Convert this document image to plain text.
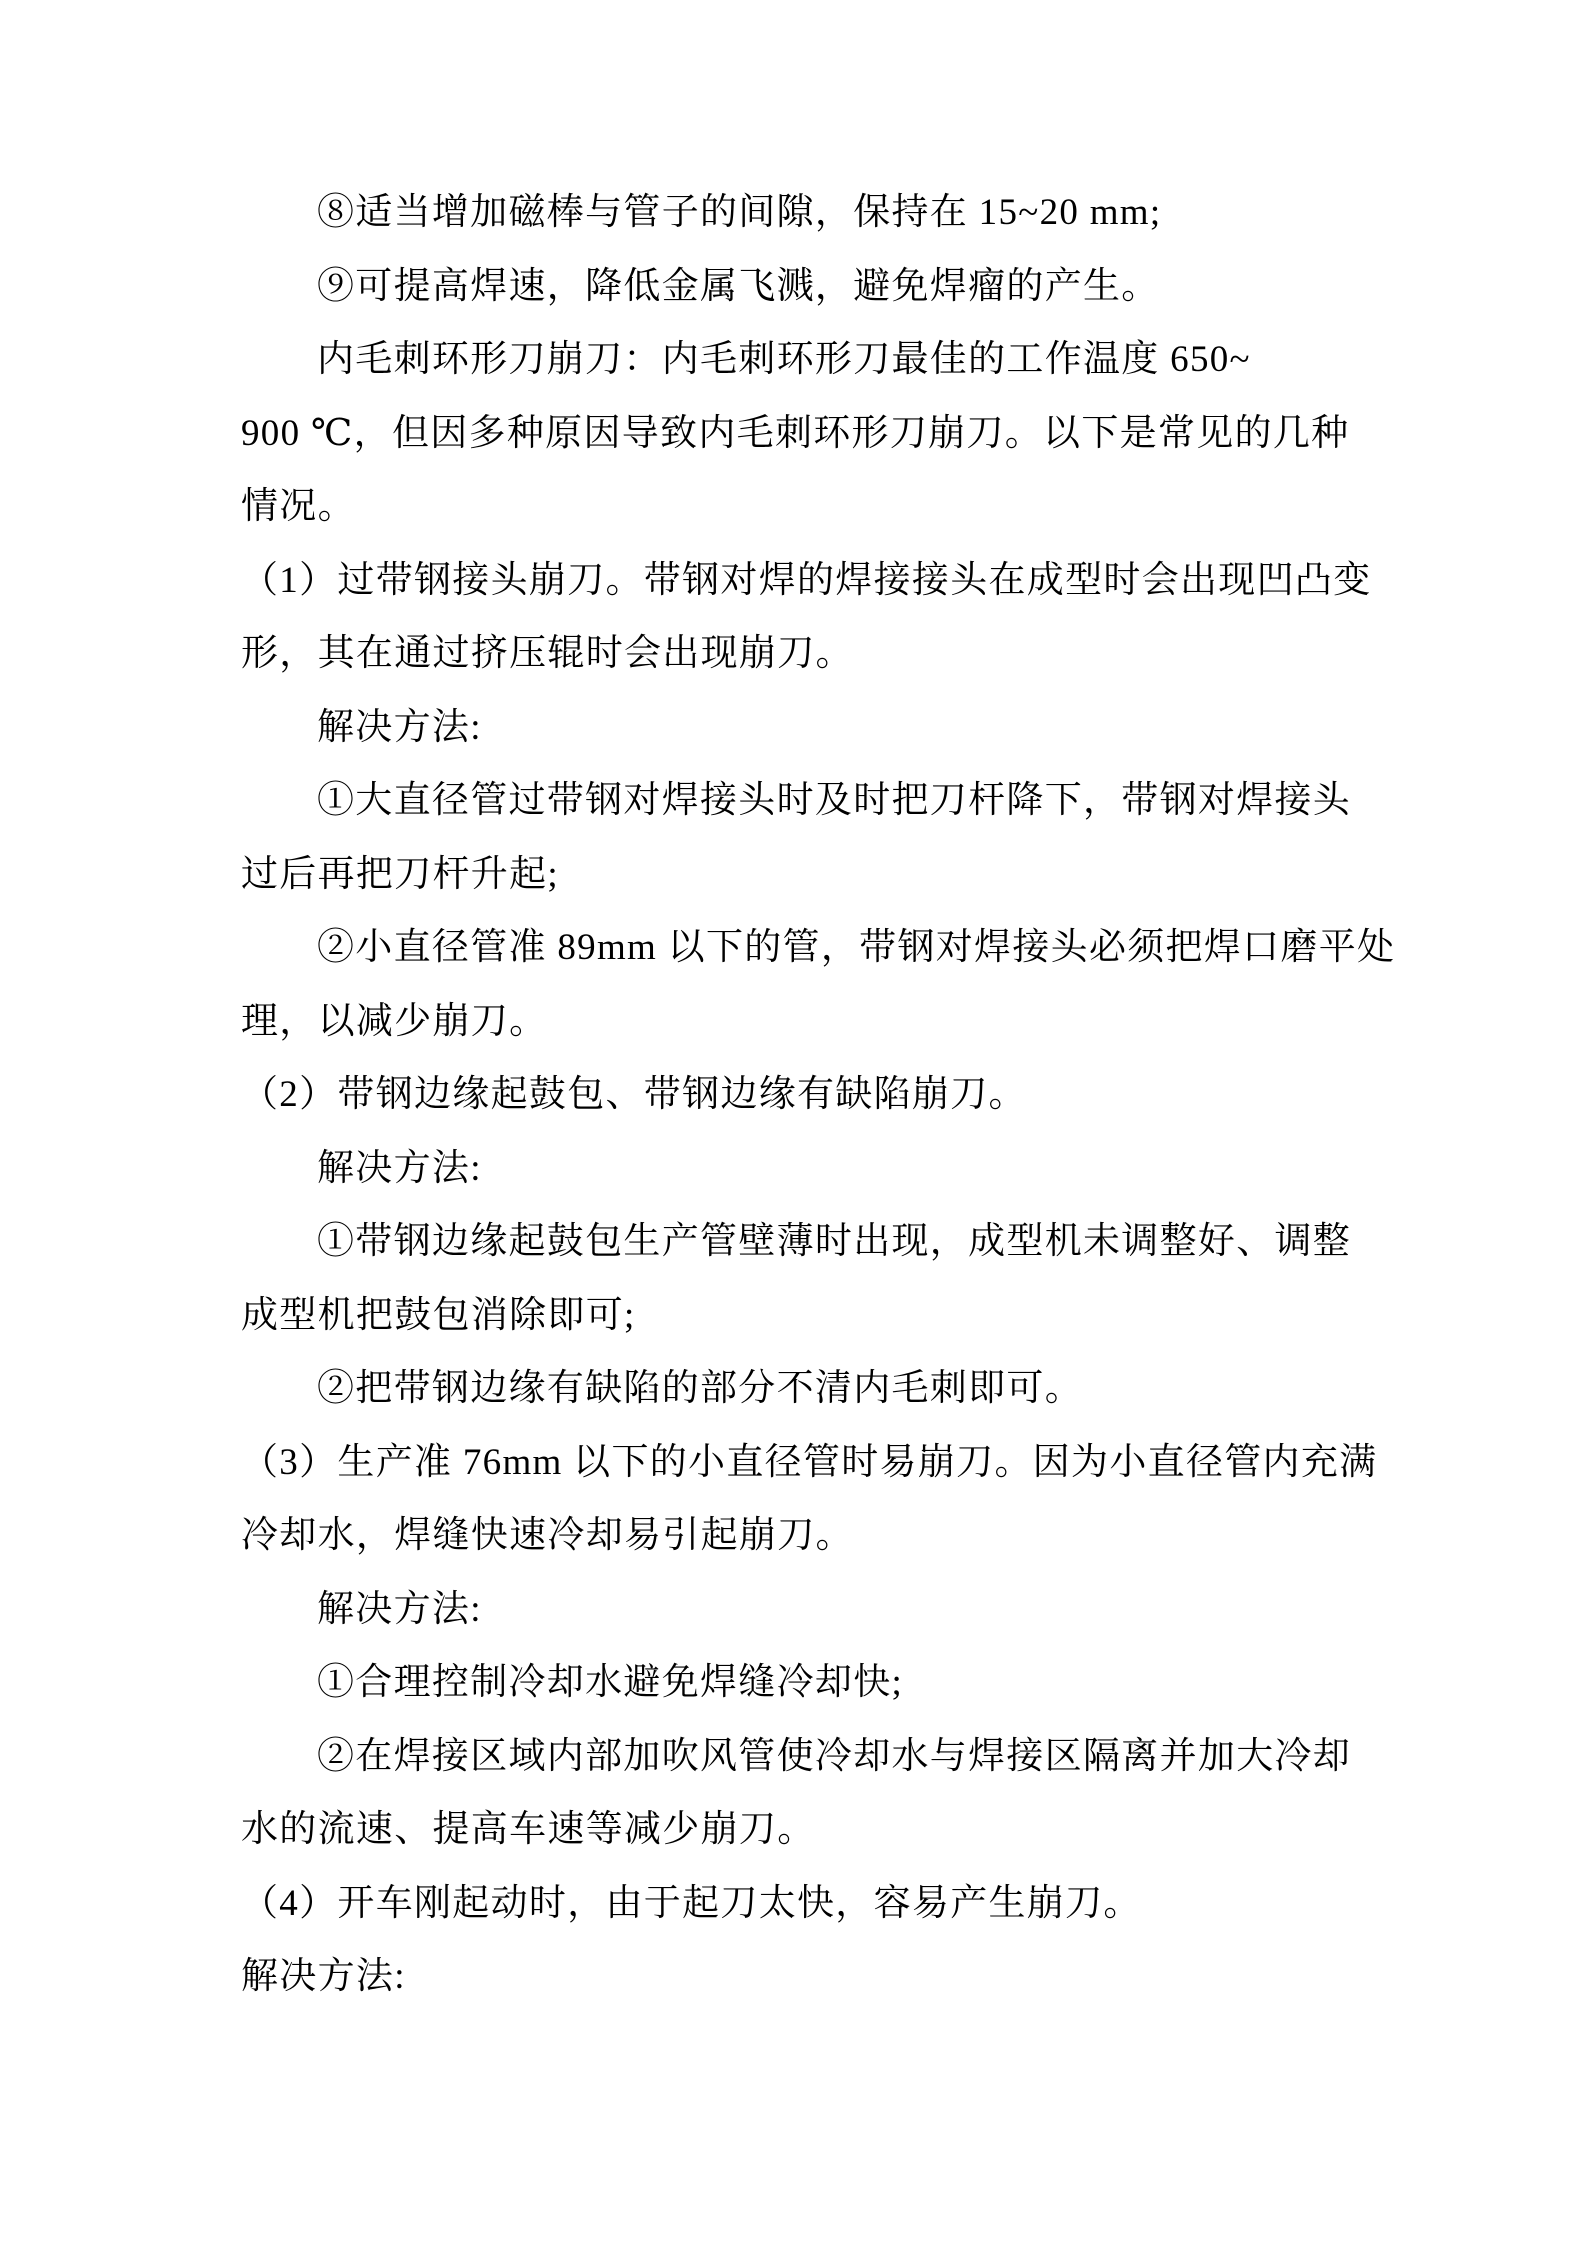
⑧适当增加磁棒与管子的间隙，保持在 15~20 mm;
⑨可提高焊速，降低金属飞溅，避免焊瘤的产生。
内毛刺环形刀崩刀：内毛刺环形刀最佳的工作温度 650~
900 ℃，但因多种原因导致内毛刺环形刀崩刀。以下是常见的几种
情况。
（1）过带钢接头崩刀。带钢对焊的焊接接头在成型时会出现凹凸变
形，其在通过挤压辊时会出现崩刀。
解决方法:
①大直径管过带钢对焊接头时及时把刀杆降下，带钢对焊接头
过后再把刀杆升起;
②小直径管准 89mm 以下的管，带钢对焊接头必须把焊口磨平处
理，以减少崩刀。
（2）带钢边缘起鼓包、带钢边缘有缺陷崩刀。
解决方法:
①带钢边缘起鼓包生产管壁薄时出现，成型机未调整好、调整
成型机把鼓包消除即可;
②把带钢边缘有缺陷的部分不清内毛刺即可。
（3）生产准 76mm 以下的小直径管时易崩刀。因为小直径管内充满
冷却水，焊缝快速冷却易引起崩刀。
解决方法:
①合理控制冷却水避免焊缝冷却快;
②在焊接区域内部加吹风管使冷却水与焊接区隔离并加大冷却
水的流速、提高车速等减少崩刀。
（4）开车刚起动时，由于起刀太快，容易产生崩刀。
解决方法:
